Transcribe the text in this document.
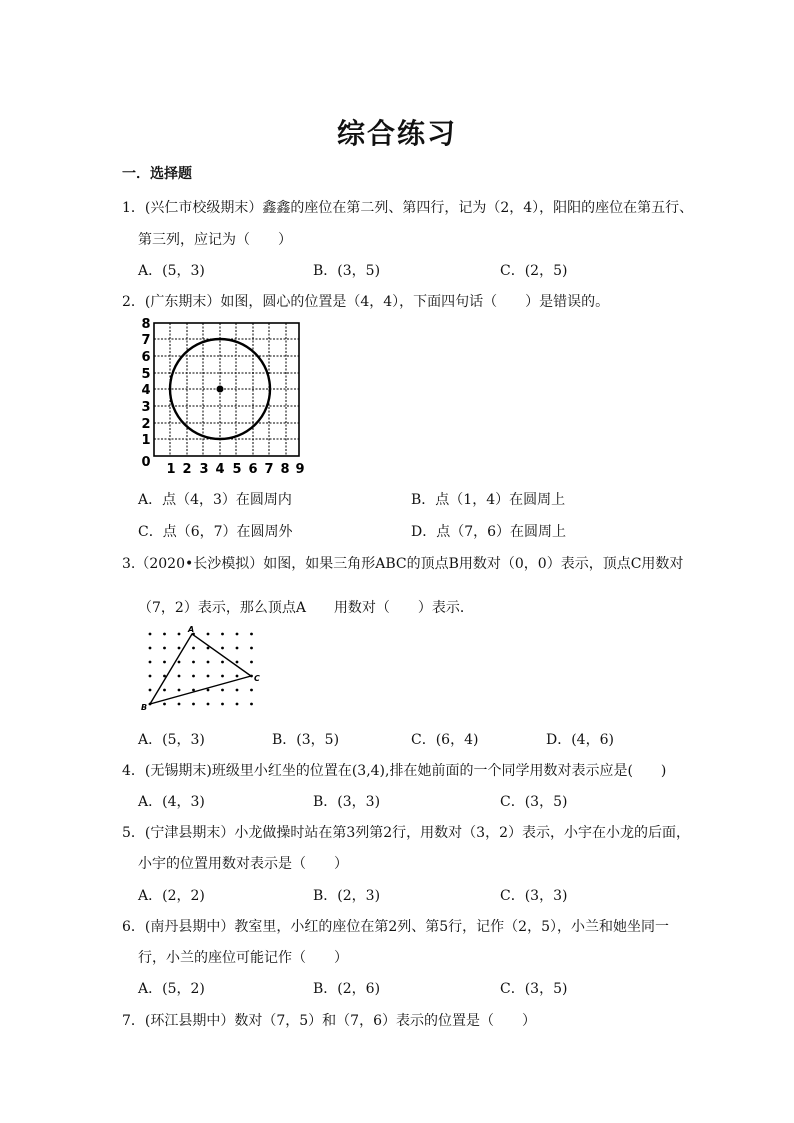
综合练习
一．选择题
1．(兴仁市校级期末）鑫鑫的座位在第二列、第四行，记为（2，4），阳阳的座位在第五行、
第三列，应记为（　　）
A．(5，3)	B．(3，5)	C．(2，5)
2．(广东期末）如图，圆心的位置是（4，4），下面四句话（　　）是错误的。
8
7
6
5
4
3
2
1
0 1 2 3 4 5 6 7 8 9
A．点（4，3）在圆周内	B．点（1，4）在圆周上
C．点（6，7）在圆周外	D．点（7，6）在圆周上
3.（2020•长沙模拟）如图，如果三角形ABC的顶点B用数对（0，0）表示，顶点C用数对
（7，2）表示，那么顶点A　　用数对（　　）表示．
A
B
C
A．(5，3)	B．(3，5)	C．(6，4)	D．(4，6)
4．(无锡期末)班级里小红坐的位置在(3,4),排在她前面的一个同学用数对表示应是(　　)
A．(4，3)	B．(3，3)	C．(3，5)
5．(宁津县期末）小龙做操时站在第3列第2行，用数对（3，2）表示，小宇在小龙的后面，
小宇的位置用数对表示是（　　）
A．(2，2)	B．(2，3)	C．(3，3)
6．(南丹县期中）教室里，小红的座位在第2列、第5行，记作（2，5），小兰和她坐同一
行，小兰的座位可能记作（　　）
A．(5，2)	B．(2，6)	C．(3，5)
7．(环江县期中）数对（7，5）和（7，6）表示的位置是（　　）
